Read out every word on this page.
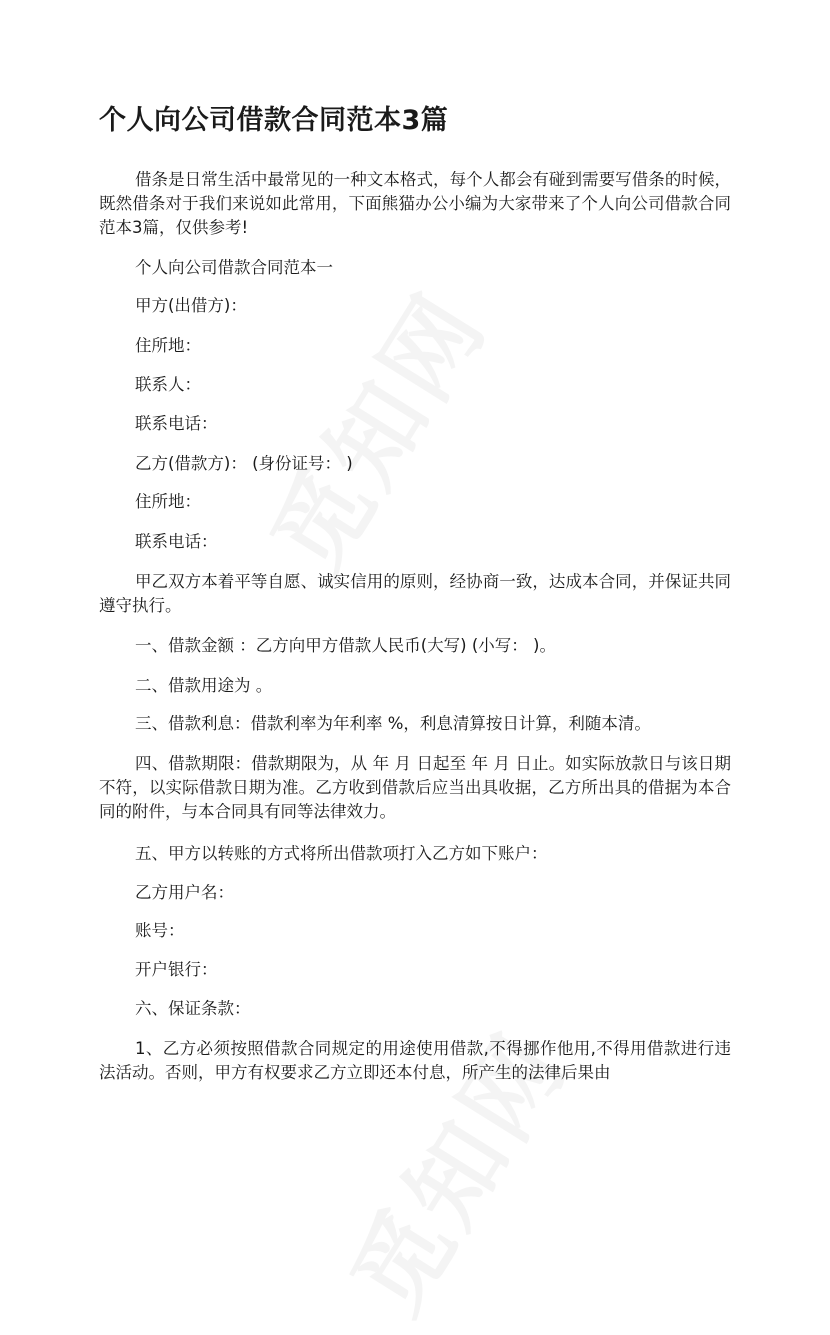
个人向公司借款合同范本3篇
借条是日常生活中最常见的一种文本格式，每个人都会有碰到需要写借条的时候，既然借条对于我们来说如此常用，下面熊猫办公小编为大家带来了个人向公司借款合同范本3篇，仅供参考!
个人向公司借款合同范本一
甲方(出借方)：
住所地：
联系人：
联系电话：
乙方(借款方)： (身份证号： )
住所地：
联系电话：
甲乙双方本着平等自愿、诚实信用的原则，经协商一致，达成本合同，并保证共同遵守执行。
一、借款金额 ：乙方向甲方借款人民币(大写) (小写： )。
二、借款用途为 。
三、借款利息：借款利率为年利率 %，利息清算按日计算，利随本清。
四、借款期限：借款期限为，从 年 月 日起至 年 月 日止。如实际放款日与该日期不符，以实际借款日期为准。乙方收到借款后应当出具收据，乙方所出具的借据为本合同的附件，与本合同具有同等法律效力。
五、甲方以转账的方式将所出借款项打入乙方如下账户：
乙方用户名：
账号：
开户银行：
六、保证条款：
1、乙方必须按照借款合同规定的用途使用借款,不得挪作他用,不得用借款进行违法活动。否则，甲方有权要求乙方立即还本付息，所产生的法律后果由
